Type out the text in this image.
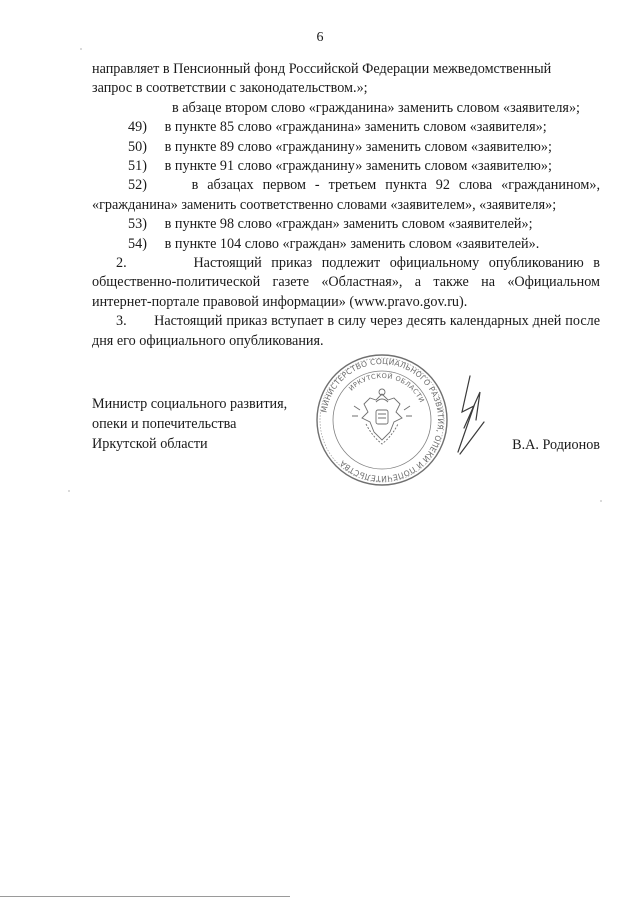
6

направляет в Пенсионный фонд Российской Федерации межведомственный

запрос в соответствии с законодательством.»;

в абзаце втором слово «гражданина» заменить словом «заявителя»;

49) в пункте 85 слово «гражданина» заменить словом «заявителя»;

50) в пункте 89 слово «гражданину» заменить словом «заявителю»;

51) в пункте 91 слово «гражданину» заменить словом «заявителю»;

52)	в абзацах первом - третьем пункта 92 слова «гражданином», «гражданина» заменить соответственно словами «заявителем», «заявителя»;

53) в пункте 98 слово «граждан» заменить словом «заявителей»;

54) в пункте 104 слово «граждан» заменить словом «заявителей».

2.	Настоящий приказ подлежит официальному опубликованию в общественно-политической газете «Областная», а также на «Официальном интернет-портале правовой информации» (www.pravo.gov.ru).

3. Настоящий приказ вступает в силу через десять календарных дней после дня его официального опубликования.

Министр социального развития,
опеки и попечительства
Иркутской области	В.А. Родионов
МИНИСТЕРСТВО СОЦИАЛЬНОГО РАЗВИТИЯ, ОПЕКИ И ПОПЕЧИТЕЛЬСТВА
ИРКУТСКОЙ ОБЛАСТИ
